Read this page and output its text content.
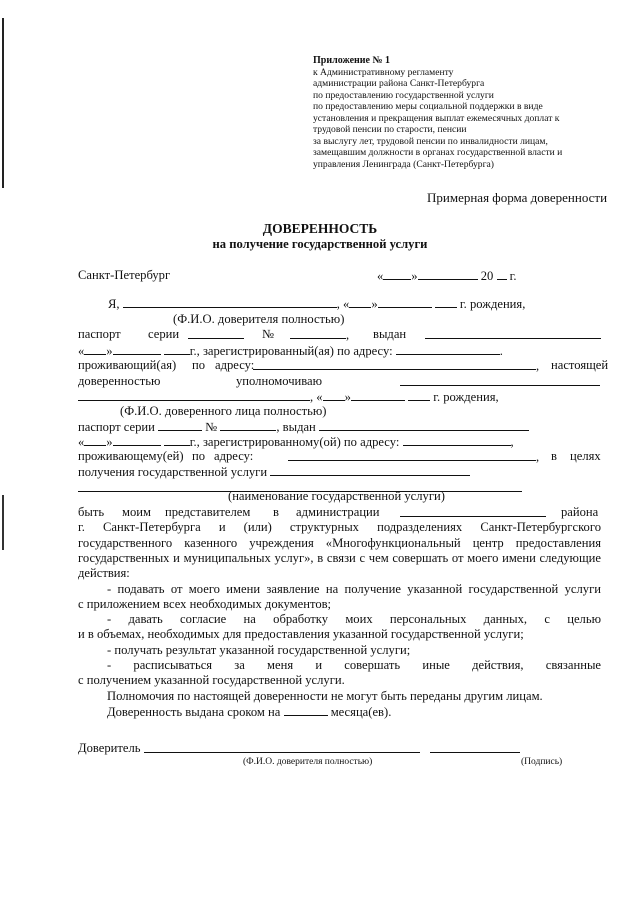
Приложение № 1
к Административному регламенту
администрации района Санкт-Петербурга
по предоставлению государственной услуги
по предоставлению меры социальной поддержки в виде
установления и прекращения выплат ежемесячных доплат к
трудовой пенсии по старости, пенсии
за выслугу лет, трудовой пенсии по инвалидности лицам,
замещавшим должности в органах государственной власти и
управления Ленинграда (Санкт-Петербурга)
Примерная форма доверенности
ДОВЕРЕННОСТЬ
на получение государственной услуги
Санкт-Петербург	« »	20 г.
Я,	, « »	г. рождения,
(Ф.И.О. доверителя полностью)
паспорт серии	№	, выдан
« »	г., зарегистрированный(ая) по адресу:	.
проживающий(ая) по адресу:	, настоящей
доверенностью	уполномочиваю
, « »	г. рождения,
(Ф.И.О. доверенного лица полностью)
паспорт серии	№	, выдан
« »	г., зарегистрированному(ой) по адресу:	,
проживающему(ей) по адресу:	, в целях
получения государственной услуги
(наименование государственной услуги)
быть моим представителем в администрации	района
г. Санкт-Петербурга и (или) структурных подразделениях Санкт-Петербургского
государственного казенного учреждения «Многофункциональный центр предоставления
государственных и муниципальных услуг», в связи с чем совершать от моего имени следующие
действия:
- подавать от моего имени заявление на получение указанной государственной услуги
с приложением всех необходимых документов;
- давать согласие на обработку моих персональных данных, с целью
и в объемах, необходимых для предоставления указанной государственной услуги;
- получать результат указанной государственной услуги;
- расписываться за меня и совершать иные действия, связанные
с получением указанной государственной услуги.
Полномочия по настоящей доверенности не могут быть переданы другим лицам.
Доверенность выдана сроком на	месяца(ев).
Доверитель
(Ф.И.О. доверителя полностью)	(Подпись)
